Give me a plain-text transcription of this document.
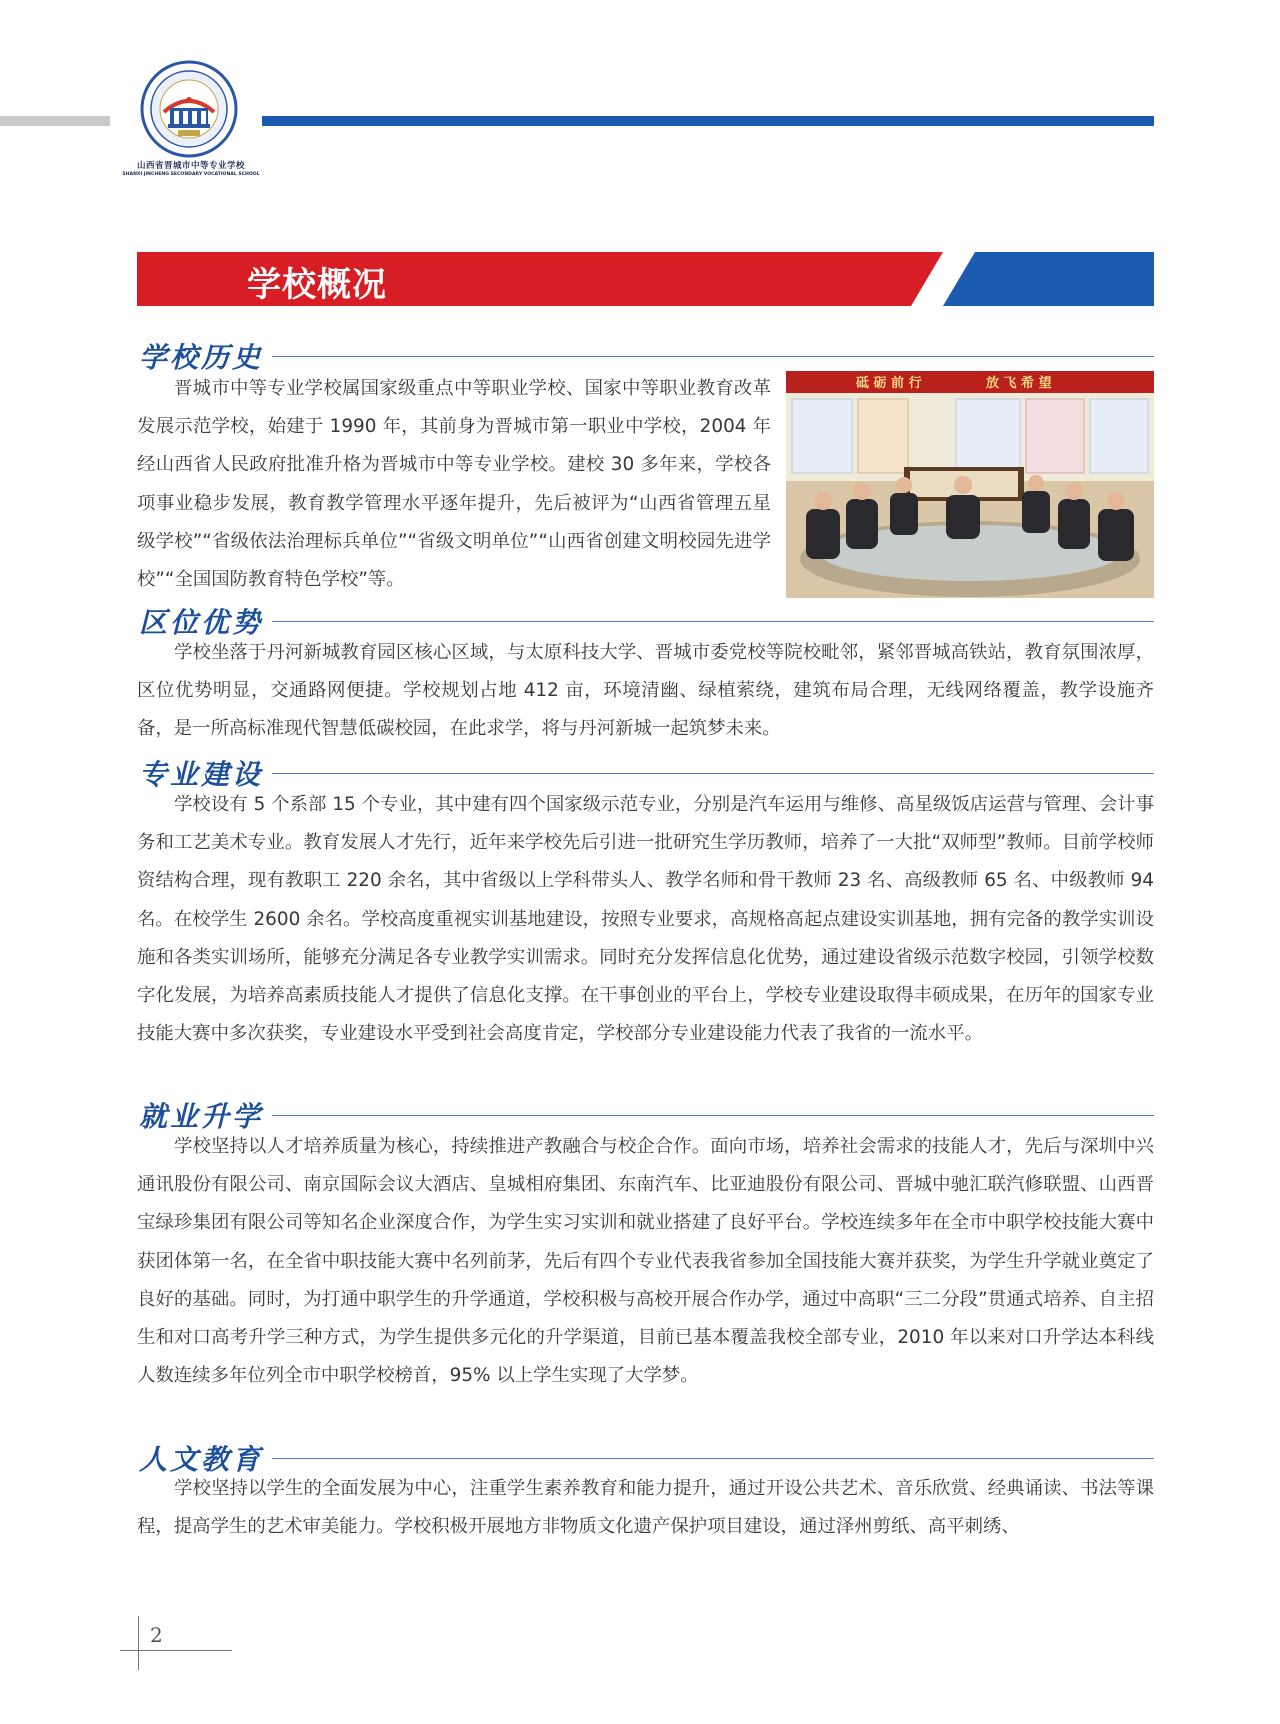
山西省晋城市中等专业学校
SHANXI JINCHENG SECONDARY VOCATIONAL SCHOOL
学校概况
学校历史

晋城市中等专业学校属国家级重点中等职业学校、国家中等职业教育改革发展示范学校，始建于 1990 年，其前身为晋城市第一职业中学校，2004 年经山西省人民政府批准升格为晋城市中等专业学校。建校 30 多年来，学校各项事业稳步发展，教育教学管理水平逐年提升，先后被评为“山西省管理五星级学校”“省级依法治理标兵单位”“省级文明单位”“山西省创建文明校园先进学校”“全国国防教育特色学校”等。

砥 砺 前 行	放 飞 希 望
区位优势

学校坐落于丹河新城教育园区核心区域，与太原科技大学、晋城市委党校等院校毗邻，紧邻晋城高铁站，教育氛围浓厚，区位优势明显，交通路网便捷。学校规划占地 412 亩，环境清幽、绿植萦绕，建筑布局合理，无线网络覆盖，教学设施齐备，是一所高标准现代智慧低碳校园，在此求学，将与丹河新城一起筑梦未来。

专业建设

学校设有 5 个系部 15 个专业，其中建有四个国家级示范专业，分别是汽车运用与维修、高星级饭店运营与管理、会计事务和工艺美术专业。教育发展人才先行，近年来学校先后引进一批研究生学历教师，培养了一大批“双师型”教师。目前学校师资结构合理，现有教职工 220 余名，其中省级以上学科带头人、教学名师和骨干教师 23 名、高级教师 65 名、中级教师 94 名。在校学生 2600 余名。学校高度重视实训基地建设，按照专业要求，高规格高起点建设实训基地，拥有完备的教学实训设施和各类实训场所，能够充分满足各专业教学实训需求。同时充分发挥信息化优势，通过建设省级示范数字校园，引领学校数字化发展，为培养高素质技能人才提供了信息化支撑。在干事创业的平台上，学校专业建设取得丰硕成果，在历年的国家专业技能大赛中多次获奖，专业建设水平受到社会高度肯定，学校部分专业建设能力代表了我省的一流水平。

就业升学

学校坚持以人才培养质量为核心，持续推进产教融合与校企合作。面向市场，培养社会需求的技能人才，先后与深圳中兴通讯股份有限公司、南京国际会议大酒店、皇城相府集团、东南汽车、比亚迪股份有限公司、晋城中驰汇联汽修联盟、山西晋宝绿珍集团有限公司等知名企业深度合作，为学生实习实训和就业搭建了良好平台。学校连续多年在全市中职学校技能大赛中获团体第一名，在全省中职技能大赛中名列前茅，先后有四个专业代表我省参加全国技能大赛并获奖，为学生升学就业奠定了良好的基础。同时，为打通中职学生的升学通道，学校积极与高校开展合作办学，通过中高职“三二分段”贯通式培养、自主招生和对口高考升学三种方式，为学生提供多元化的升学渠道，目前已基本覆盖我校全部专业，2010 年以来对口升学达本科线人数连续多年位列全市中职学校榜首，95% 以上学生实现了大学梦。

人文教育

学校坚持以学生的全面发展为中心，注重学生素养教育和能力提升，通过开设公共艺术、音乐欣赏、经典诵读、书法等课程，提高学生的艺术审美能力。学校积极开展地方非物质文化遗产保护项目建设，通过泽州剪纸、高平刺绣、

2
